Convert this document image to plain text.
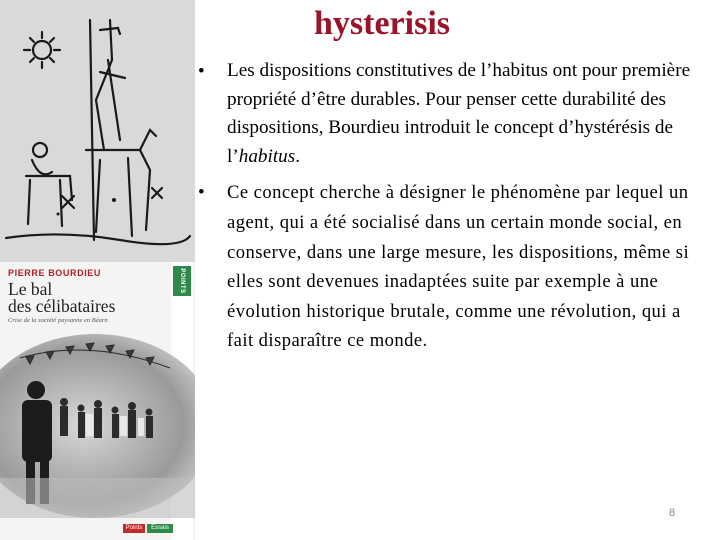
PIERRE BOURDIEU
Le bal
des célibataires
Crise de la société paysanne en Béarn
POINTS
Points	Essais
hysterisis
• Les dispositions constitutives de l’habitus ont pour première propriété d’être durables. Pour penser cette durabilité des dispositions, Bourdieu introduit le concept d’hystérésis de l’habitus.
• Ce concept cherche à désigner le phénomène par lequel un agent, qui a été socialisé dans un certain monde social, en conserve, dans une large mesure, les dispositions, même si elles sont devenues inadaptées suite par exemple à une évolution historique brutale, comme une révolution, qui a fait disparaître ce monde.
8
